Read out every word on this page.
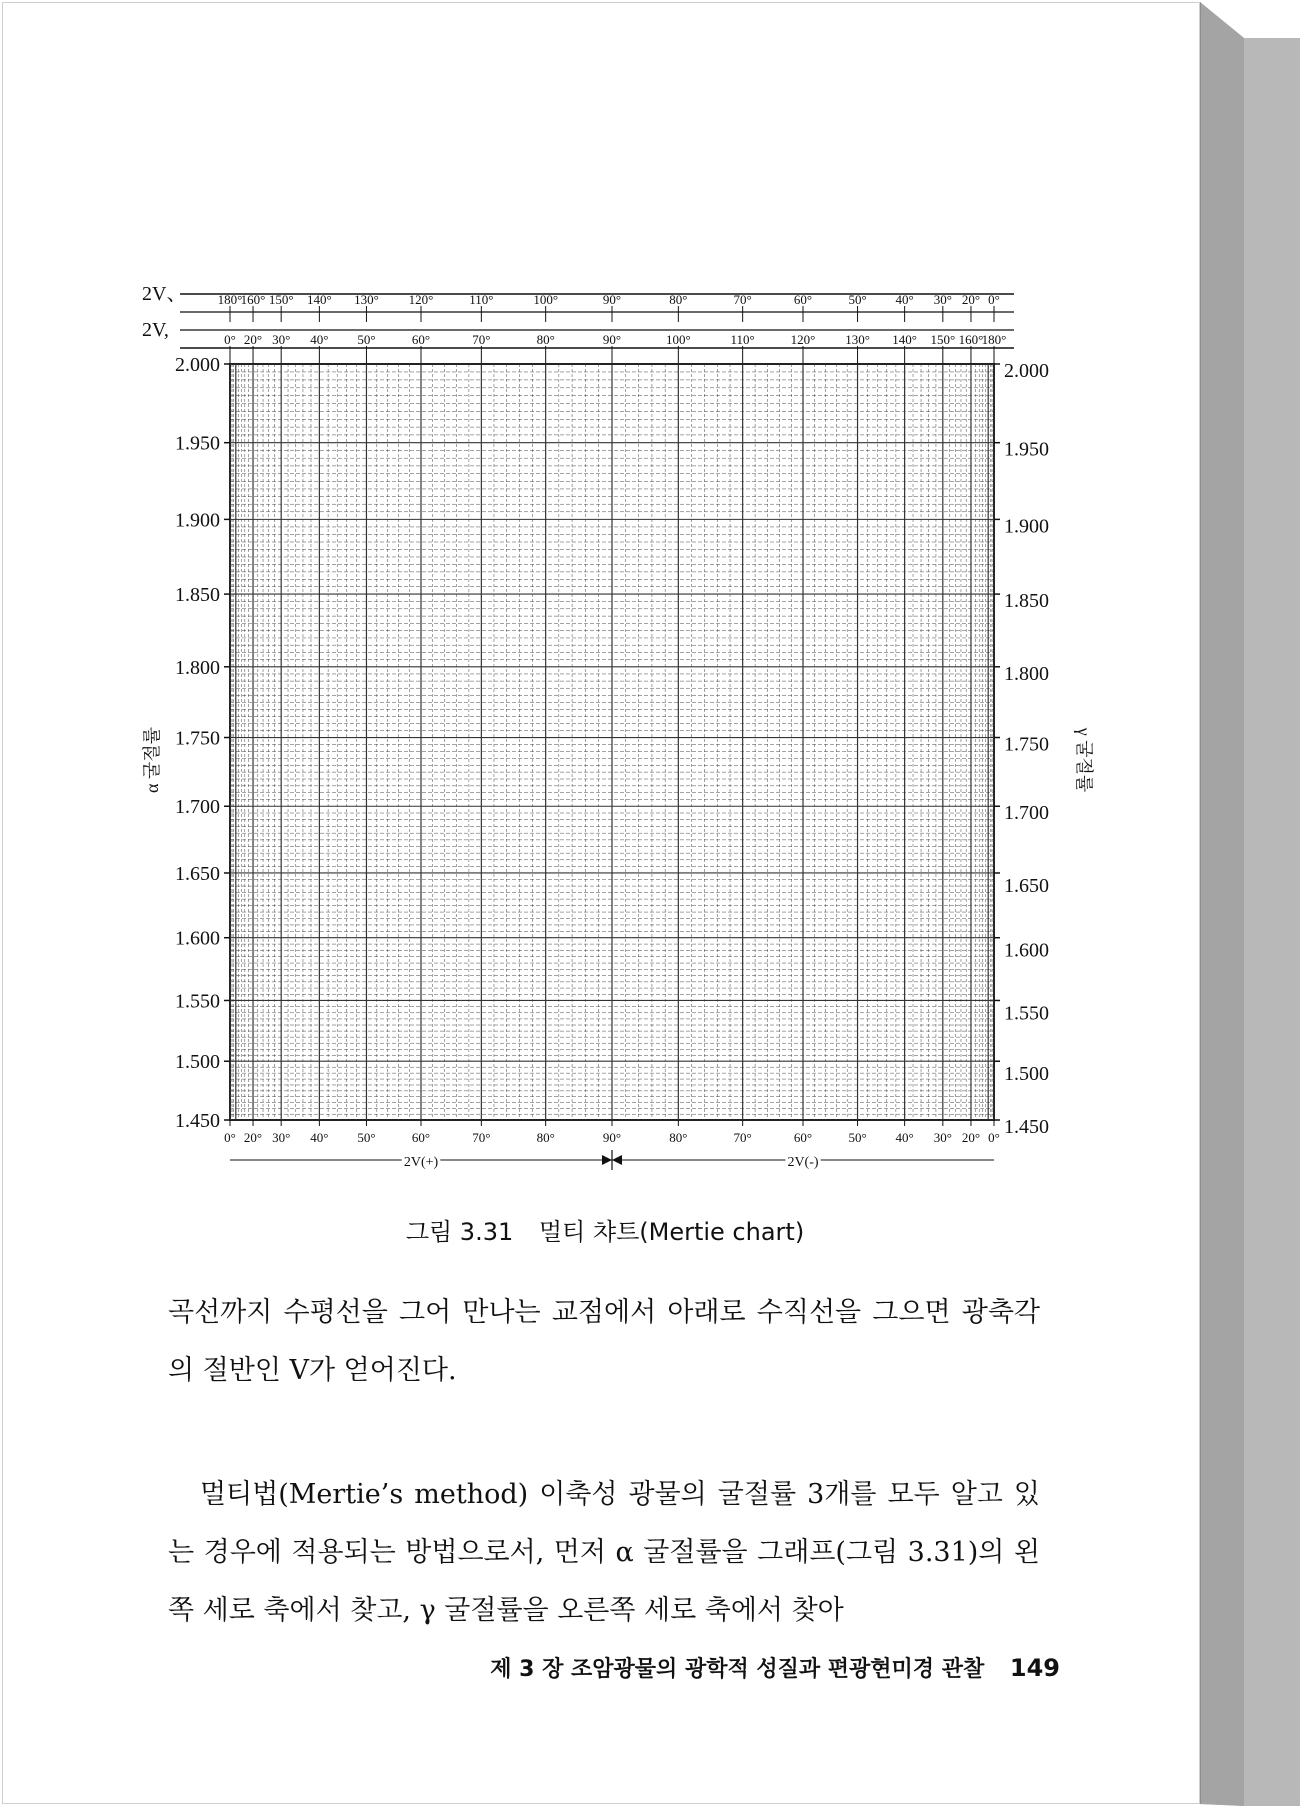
2.000
1.950
1.900
1.850
1.800
1.750
1.700
1.650
1.600
1.550
1.500
1.450
2.000
1.950
1.900
1.850
1.800
1.750
1.700
1.650
1.600
1.550
1.500
1.450
α 굴절률	γ 굴절률
2V、
2V,
180°
160° 150° 140° 130° 120°	110°	100°	90°	80°	70°	60°	50° 40° 30° 20° 0°
0° 20° 30° 40° 50°	60°	70°	80°	90°	100°	110°	120° 130° 140° 150° 160°
180°
0° 20° 30° 40° 50°	60°	70°	80°	90°	80°	70°	60°	50° 40° 30° 20° 0°
2V(+)	2V(-)
그림 3.31 멀티 챠트(Mertie chart)
곡선까지 수평선을 그어 만나는 교점에서 아래로 수직선을 그으면 광축각의 절반인 V가 얻어진다.
멀티법(Mertie’s method) 이축성 광물의 굴절률 3개를 모두 알고 있는 경우에 적용되는 방법으로서, 먼저 α 굴절률을 그래프(그림 3.31)의 왼쪽 세로 축에서 찾고, γ 굴절률을 오른쪽 세로 축에서 찾아
제 3 장 조암광물의 광학적 성질과 편광현미경 관찰 149
